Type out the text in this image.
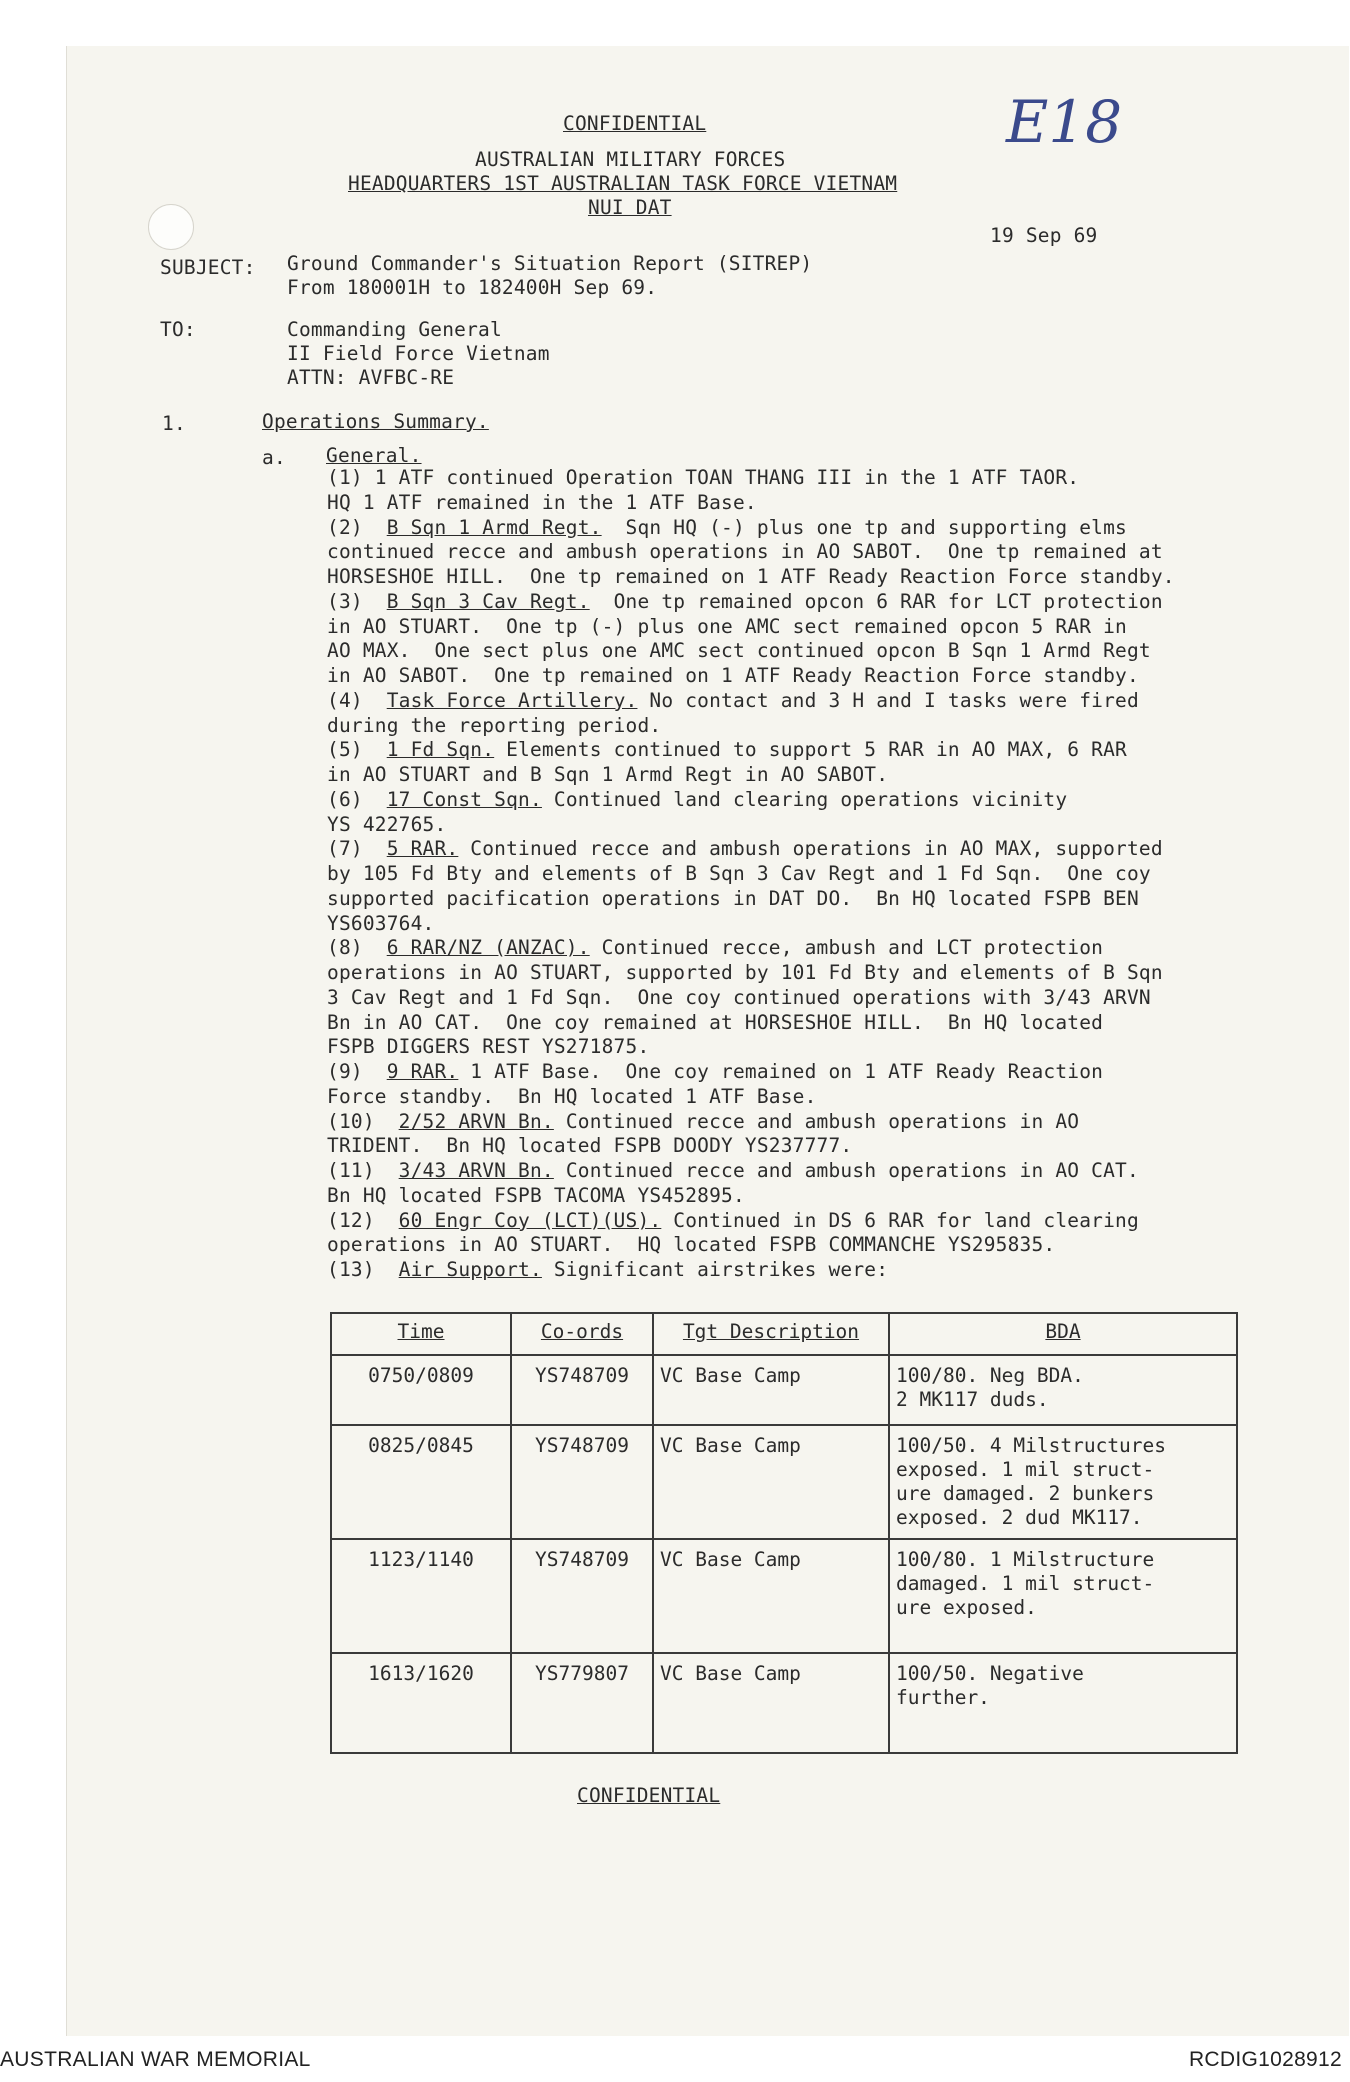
CONFIDENTIAL	E18
AUSTRALIAN MILITARY FORCES
HEADQUARTERS 1ST AUSTRALIAN TASK FORCE VIETNAM
NUI DAT
19 Sep 69
SUBJECT: Ground Commander's Situation Report (SITREP)
From 180001H to 182400H Sep 69.
TO:	Commanding General
II Field Force Vietnam
ATTN: AVFBC-RE
1.	Operations Summary.
a. General.
(1) 1 ATF continued Operation TOAN THANG III in the 1 ATF TAOR.
HQ 1 ATF remained in the 1 ATF Base.
(2)  B Sqn 1 Armd Regt.  Sqn HQ (-) plus one tp and supporting elms
continued recce and ambush operations in AO SABOT.  One tp remained at
HORSESHOE HILL.  One tp remained on 1 ATF Ready Reaction Force standby.
(3)  B Sqn 3 Cav Regt.  One tp remained opcon 6 RAR for LCT protection
in AO STUART.  One tp (-) plus one AMC sect remained opcon 5 RAR in
AO MAX.  One sect plus one AMC sect continued opcon B Sqn 1 Armd Regt
in AO SABOT.  One tp remained on 1 ATF Ready Reaction Force standby.
(4)  Task Force Artillery. No contact and 3 H and I tasks were fired
during the reporting period.
(5)  1 Fd Sqn. Elements continued to support 5 RAR in AO MAX, 6 RAR
in AO STUART and B Sqn 1 Armd Regt in AO SABOT.
(6)  17 Const Sqn. Continued land clearing operations vicinity
YS 422765.
(7)  5 RAR. Continued recce and ambush operations in AO MAX, supported
by 105 Fd Bty and elements of B Sqn 3 Cav Regt and 1 Fd Sqn.  One coy
supported pacification operations in DAT DO.  Bn HQ located FSPB BEN
YS603764.
(8)  6 RAR/NZ (ANZAC). Continued recce, ambush and LCT protection
operations in AO STUART, supported by 101 Fd Bty and elements of B Sqn
3 Cav Regt and 1 Fd Sqn.  One coy continued operations with 3/43 ARVN
Bn in AO CAT.  One coy remained at HORSESHOE HILL.  Bn HQ located
FSPB DIGGERS REST YS271875.
(9)  9 RAR. 1 ATF Base.  One coy remained on 1 ATF Ready Reaction
Force standby.  Bn HQ located 1 ATF Base.
(10)  2/52 ARVN Bn. Continued recce and ambush operations in AO
TRIDENT.  Bn HQ located FSPB DOODY YS237777.
(11)  3/43 ARVN Bn. Continued recce and ambush operations in AO CAT.
Bn HQ located FSPB TACOMA YS452895.
(12)  60 Engr Coy (LCT)(US). Continued in DS 6 RAR for land clearing
operations in AO STUART.  HQ located FSPB COMMANCHE YS295835.
(13)  Air Support. Significant airstrikes were:
Time	Co-ords	Tgt Description	BDA
0750/0809	YS748709	VC Base Camp	100/80. Neg BDA.
2 MK117 duds.
0825/0845	YS748709	VC Base Camp	100/50. 4 Milstructures
exposed. 1 mil struct-
ure damaged. 2 bunkers
exposed. 2 dud MK117.
1123/1140	YS748709	VC Base Camp	100/80. 1 Milstructure
damaged. 1 mil struct-
ure exposed.
1613/1620	YS779807	VC Base Camp	100/50. Negative
further.
CONFIDENTIAL
AUSTRALIAN WAR MEMORIAL	RCDIG1028912
